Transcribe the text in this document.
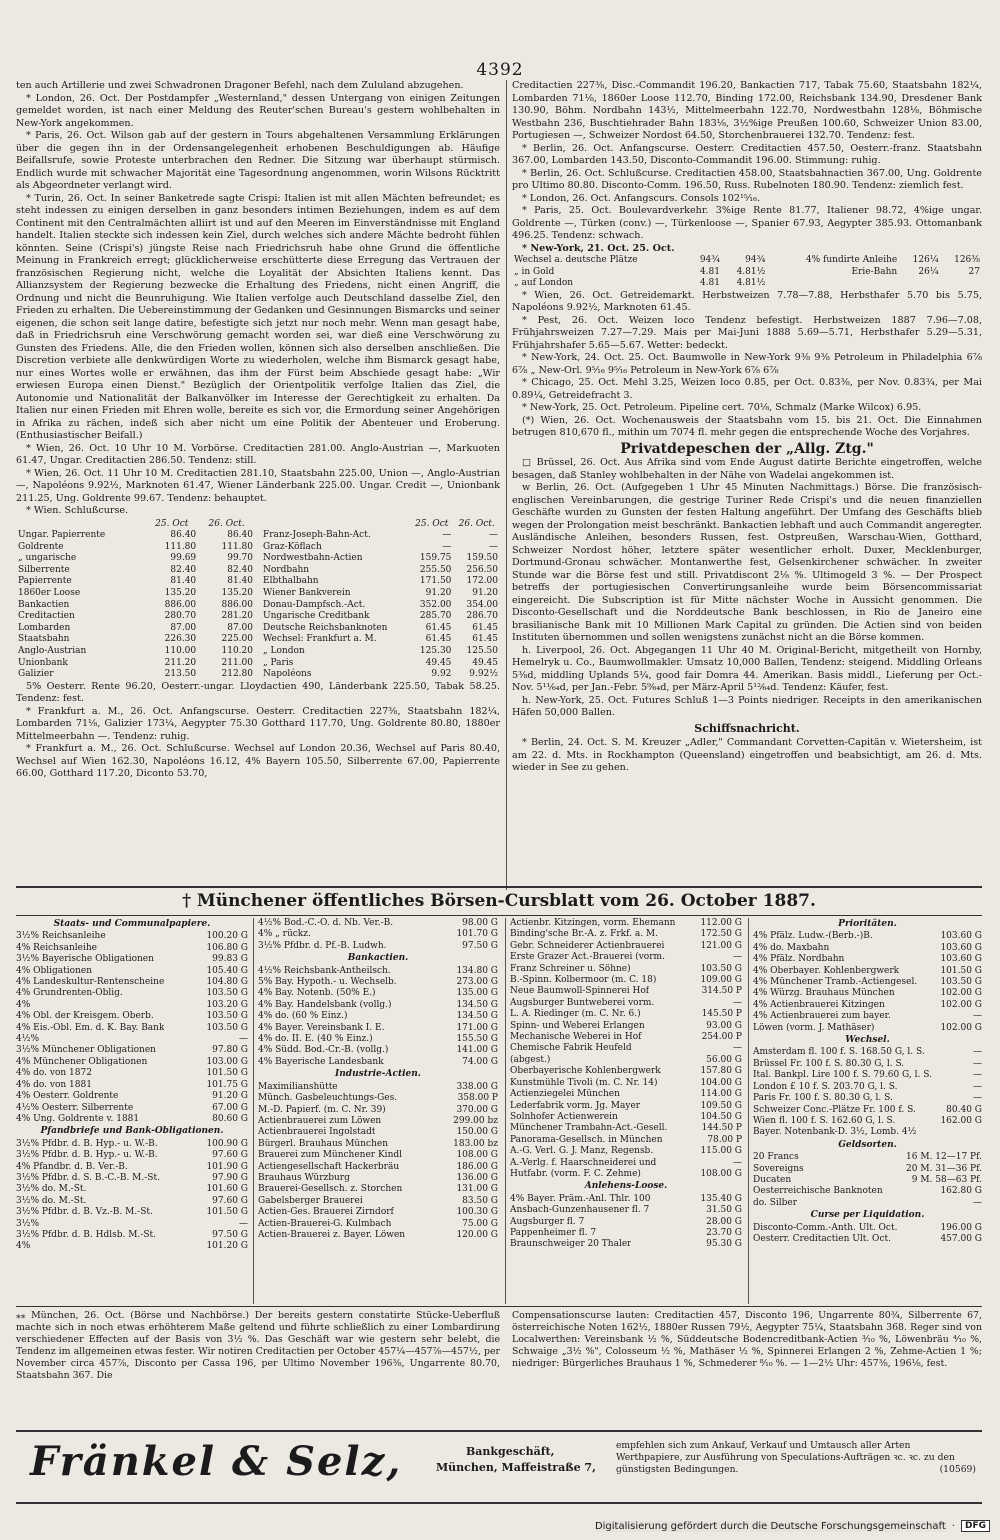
4392

ten auch Artillerie und zwei Schwadronen Dragoner Befehl, nach dem Zululand abzugehen.

* London, 26. Oct. Der Postdampfer „Westernland," dessen Untergang von einigen Zeitungen gemeldet worden, ist nach einer Meldung des Reuter'schen Bureau's gestern wohlbehalten in New-York angekommen.

* Paris, 26. Oct. Wilson gab auf der gestern in Tours abgehaltenen Versammlung Erklärungen über die gegen ihn in der Ordensangelegenheit erhobenen Beschuldigungen ab. Häufige Beifallsrufe, sowie Proteste unterbrachen den Redner. Die Sitzung war überhaupt stürmisch. Endlich wurde mit schwacher Majorität eine Tagesordnung angenommen, worin Wilsons Rücktritt als Abgeordneter verlangt wird.

* Turin, 26. Oct. In seiner Banketrede sagte Crispi: Italien ist mit allen Mächten befreundet; es steht indessen zu einigen derselben in ganz besonders intimen Beziehungen, indem es auf dem Continent mit den Centralmächten alliirt ist und auf den Meeren im Einverständnisse mit England handelt. Italien steckte sich indessen kein Ziel, durch welches sich andere Mächte bedroht fühlen könnten. Seine (Crispi's) jüngste Reise nach Friedrichsruh habe ohne Grund die öffentliche Meinung in Frankreich erregt; glücklicherweise erschütterte diese Erregung das Vertrauen der französischen Regierung nicht, welche die Loyalität der Absichten Italiens kennt. Das Allianzsystem der Regierung bezwecke die Erhaltung des Friedens, nicht einen Angriff, die Ordnung und nicht die Beunruhigung. Wie Italien verfolge auch Deutschland dasselbe Ziel, den Frieden zu erhalten. Die Uebereinstimmung der Gedanken und Gesinnungen Bismarcks und seiner eigenen, die schon seit lange datire, befestigte sich jetzt nur noch mehr. Wenn man gesagt habe, daß in Friedrichsruh eine Verschwörung gemacht worden sei, war dieß eine Verschwörung zu Gunsten des Friedens. Alle, die den Frieden wollen, können sich also derselben anschließen. Die Discretion verbiete alle denkwürdigen Worte zu wiederholen, welche ihm Bismarck gesagt habe, nur eines Wortes wolle er erwähnen, das ihm der Fürst beim Abschiede gesagt habe: „Wir erwiesen Europa einen Dienst." Bezüglich der Orientpolitik verfolge Italien das Ziel, die Autonomie und Nationalität der Balkanvölker im Interesse der Gerechtigkeit zu erhalten. Da Italien nur einen Frieden mit Ehren wolle, bereite es sich vor, die Ermordung seiner Angehörigen in Afrika zu rächen, indeß sich aber nicht um eine Politik der Abenteuer und Eroberung. (Enthusiastischer Beifall.)

* Wien, 26. Oct. 10 Uhr 10 M. Vorbörse. Creditactien 281.00. Anglo-Austrian —, Markuoten 61.47, Ungar. Creditactien 286.50. Tendenz: still.

* Wien, 26. Oct. 11 Uhr 10 M. Creditactien 281.10, Staatsbahn 225.00, Union —, Anglo-Austrian —, Napoléons 9.92½, Marknoten 61.47, Wiener Länderbank 225.00. Ungar. Credit —, Unionbank 211.25, Ung. Goldrente 99.67. Tendenz: behauptet.

* Wien. Schlußcurse.

	25. Oct	26. Oct.
Ungar. Papierrente	86.40	86.40
Goldrente	111.80	111.80
„ ungarische	99.69	99.70
Silberrente	82.40	82.40
Papierrente	81.40	81.40
1860er Loose	135.20	135.20
Bankactien	886.00	886.00
Creditactien	280.70	281.20
Lombarden	87.00	87.00
Staatsbahn	226.30	225.00
Anglo-Austrian	110.00	110.20
Unionbank	211.20	211.00
Galizier	213.50	212.80
	25. Oct	26. Oct.
Franz-Joseph-Bahn-Act.	—	—
Graz-Köflach	—	—
Nordwestbahn-Actien	159.75	159.50
Nordbahn	255.50	256.50
Elbthalbahn	171.50	172.00
Wiener Bankverein	91.20	91.20
Donau-Dampfsch.-Act.	352.00	354.00
Ungarische Creditbank	285.70	286.70
Deutsche Reichsbanknoten	61.45	61.45
Wechsel: Frankfurt a. M.	61.45	61.45
„ London	125.30	125.50
„ Paris	49.45	49.45
Napoléons	9.92	9.92½

5% Oesterr. Rente 96.20, Oesterr.-ungar. Lloydactien 490, Länderbank 225.50, Tabak 58.25. Tendenz: fest.

* Frankfurt a. M., 26. Oct. Anfangscurse. Oesterr. Creditactien 227⅜, Staatsbahn 182¼, Lombarden 71⅛, Galizier 173¼, Aegypter 75.30 Gotthard 117.70, Ung. Goldrente 80.80, 1880er Mittelmeerbahn —. Tendenz: ruhig.

* Frankfurt a. M., 26. Oct. Schlußcurse. Wechsel auf London 20.36, Wechsel auf Paris 80.40, Wechsel auf Wien 162.30, Napoléons 16.12, 4% Bayern 105.50, Silberrente 67.00, Papierrente 66.00, Gotthard 117.20, Diconto 53.70,

Creditactien 227⅜, Disc.-Commandit 196.20, Bankactien 717, Tabak 75.60, Staatsbahn 182¼, Lombarden 71⅛, 1860er Loose 112.70, Binding 172.00, Reichsbank 134.90, Dresdener Bank 130.90, Böhm. Nordbahn 143½, Mittelmeerbahn 122.70, Nordwestbahn 128⅛, Böhmische Westbahn 236, Buschtiehrader Bahn 183⅛, 3½%ige Preußen 100.60, Schweizer Union 83.00, Portugiesen —, Schweizer Nordost 64.50, Storchenbrauerei 132.70. Tendenz: fest.

* Berlin, 26. Oct. Anfangscurse. Oesterr. Creditactien 457.50, Oesterr.-franz. Staatsbahn 367.00, Lombarden 143.50, Disconto-Commandit 196.00. Stimmung: ruhig.

* Berlin, 26. Oct. Schlußcurse. Creditactien 458.00, Staatsbahnactien 367.00, Ung. Goldrente pro Ultimo 80.80. Disconto-Comm. 196.50, Russ. Rubelnoten 180.90. Tendenz: ziemlich fest.

* London, 26. Oct. Anfangscurs. Consols 102¹⁵⁄₁₆.

* Paris, 25. Oct. Boulevardverkehr. 3%ige Rente 81.77, Italiener 98.72, 4%ige ungar. Goldrente —, Türken (conv.) —, Türkenloose —, Spanier 67.93, Aegypter 385.93. Ottomanbank 496.25. Tendenz: schwach.

* New-York, 21. Oct. 25. Oct.
Wechsel a. deutsche Plätze	94¾	94¾	4% fundirte Anleihe	126¼	126⅜
„ in Gold	4.81	4.81½	Erie-Bahn	26¼	27
„ auf London	4.81	4.81½			

* Wien, 26. Oct. Getreidemarkt. Herbstweizen 7.78—7.88, Herbsthafer 5.70 bis 5.75, Napoléons 9.92½, Marknoten 61.45.

* Pest, 26. Oct. Weizen loco Tendenz befestigt. Herbstweizen 1887 7.96—7.08, Frühjahrsweizen 7.27—7.29. Mais per Mai-Juni 1888 5.69—5.71, Herbsthafer 5.29—5.31, Frühjahrshafer 5.65—5.67. Wetter: bedeckt.

* New-York, 24. Oct. 25. Oct. Baumwolle in New-York 9⅜ 9⅜ Petroleum in Philadelphia 6⅞ 6⅞ „ New-Orl. 9⁵⁄₁₆ 9⁵⁄₁₆ Petroleum in New-York 6⅞ 6⅞

* Chicago, 25. Oct. Mehl 3.25, Weizen loco 0.85, per Oct. 0.83⅜, per Nov. 0.83¾, per Mai 0.89¼, Getreidefracht 3.

* New-York, 25. Oct. Petroleum. Pipeline cert. 70⅛, Schmalz (Marke Wilcox) 6.95.

(*) Wien, 26. Oct. Wochenausweis der Staatsbahn vom 15. bis 21. Oct. Die Einnahmen betrugen 810,670 fl., mithin um 7074 fl. mehr gegen die entsprechende Woche des Vorjahres.

Privatdepeschen der „Allg. Ztg."

□ Brüssel, 26. Oct. Aus Afrika sind vom Ende August datirte Berichte eingetroffen, welche besagen, daß Stanley wohlbehalten in der Nähe von Wadelai angekommen ist.

w Berlin, 26. Oct. (Aufgegeben 1 Uhr 45 Minuten Nachmittags.) Börse. Die französisch-englischen Vereinbarungen, die gestrige Turiner Rede Crispi's und die neuen finanziellen Geschäfte wurden zu Gunsten der festen Haltung angeführt. Der Umfang des Geschäfts blieb wegen der Prolongation meist beschränkt. Bankactien lebhaft und auch Commandit angeregter. Ausländische Anleihen, besonders Russen, fest. Ostpreußen, Warschau-Wien, Gotthard, Schweizer Nordost höher, letztere später wesentlicher erholt. Duxer, Mecklenburger, Dortmund-Gronau schwächer. Montanwerthe fest, Gelsenkirchener schwächer. In zweiter Stunde war die Börse fest und still. Privatdiscont 2⅛ %. Ultimogeld 3 %. — Der Prospect betreffs der portugiesischen Convertirungsanleihe wurde beim Börsencommissariat eingereicht. Die Subscription ist für Mitte nächster Woche in Aussicht genommen. Die Disconto-Gesellschaft und die Norddeutsche Bank beschlossen, in Rio de Janeiro eine brasilianische Bank mit 10 Millionen Mark Capital zu gründen. Die Actien sind von beiden Instituten übernommen und sollen wenigstens zunächst nicht an die Börse kommen.

h. Liverpool, 26. Oct. Abgegangen 11 Uhr 40 M. Original-Bericht, mitgetheilt von Hornby, Hemelryk u. Co., Baumwollmakler. Umsatz 10,000 Ballen, Tendenz: steigend. Middling Orleans 5⅜d, middling Uplands 5¼, good fair Domra 44. Amerikan. Basis middl., Lieferung per Oct.-Nov. 5¹¹⁄₆₄d, per Jan.-Febr. 5⁹⁄₆₄d, per März-April 5¹²⁄₆₄d. Tendenz: Käufer, fest.

h. New-York, 25. Oct. Futures Schluß 1—3 Points niedriger. Receipts in den amerikanischen Häfen 50,000 Ballen.

Schiffsnachricht.

* Berlin, 24. Oct. S. M. Kreuzer „Adler," Commandant Corvetten-Capitän v. Wietersheim, ist am 22. d. Mts. in Rockhampton (Queensland) eingetroffen und beabsichtigt, am 26. d. Mts. wieder in See zu gehen.

† Münchener öffentliches Börsen-Cursblatt vom 26. October 1887.
Staats- und Communalpapiere.
3½% Reichsanleihe	100.20 G
4% Reichsanleihe	106.80 G
3½% Bayerische Obligationen	99.83 G
4% Obligationen	105.40 G
4% Landeskultur-Rentenscheine	104.80 G
4% Grundrenten-Oblig.	103.50 G
4%	103.20 G
4% Obl. der Kreisgem. Oberb.	103.50 G
4% Eis.-Obl. Em. d. K. Bay. Bank	103.50 G
4½%	—
3½% Münchener Obligationen	97.80 G
4% Münchener Obligationen	103.00 G
4% do. von 1872	101.50 G
4% do. von 1881	101.75 G
4% Oesterr. Goldrente	91.20 G
4½% Oesterr. Silberrente	67.00 G
4% Ung. Goldrente v. 1881	80.60 G
Pfandbriefe und Bank-Obligationen.
3½% Pfdbr. d. B. Hyp.- u. W.-B.	100.90 G
3½% Pfdbr. d. B. Hyp.- u. W.-B.	97.60 G
4% Pfandbr. d. B. Ver.-B.	101.90 G
3½% Pfdbr. d. S. B.-C.-B. M.-St.	97.90 G
3½% do. M.-St.	101.60 G
3½% do. M.-St.	97.60 G
3½% Pfdbr. d. B. Vz.-B. M.-St.	101.50 G
3½%	—
3½% Pfdbr. d. B. Hdlsb. M.-St.	97.50 G
4%	101.20 G
4½% Bod.-C.-O. d. Nb. Ver.-B.	98.00 G
4% „ rückz.	101.70 G
3½% Pfdbr. d. Pf.-B. Ludwh.	97.50 G
Bankactien.
4½% Reichsbank-Antheilsch.	134.80 G
5% Bay. Hypoth.- u. Wechselb.	273.00 G
4% Bay. Notenb. (50% E.)	135.00 G
4% Bay. Handelsbank (vollg.)	134.50 G
4% do. (60 % Einz.)	134.50 G
4% Bayer. Vereinsbank I. E.	171.00 G
4% do. II. E. (40 % Einz.)	155.50 G
4% Südd. Bod.-Cr.-B. (vollg.)	141.00 G
4% Bayerische Landesbank	74.00 G
Industrie-Actien.
Maximilianshütte	338.00 G
Münch. Gasbeleuchtungs-Ges.	358.00 P
M.-D. Papierf. (m. C. Nr. 39)	370.00 G
Actienbrauerei zum Löwen	299.00 bz
Actienbrauerei Ingolstadt	150.00 G
Bürgerl. Brauhaus München	183.00 bz
Brauerei zum Münchener Kindl	108.00 G
Actiengesellschaft Hackerbräu	186.00 G
Brauhaus Würzburg	136.00 G
Brauerei-Gesellsch. z. Storchen	131.00 G
Gabelsberger Brauerei	83.50 G
Actien-Ges. Brauerei Zirndorf	100.30 G
Actien-Brauerei-G. Kulmbach	75.00 G
Actien-Brauerei z. Bayer. Löwen	120.00 G
Actienbr. Kitzingen, vorm. Ehemann	112.00 G
Binding'sche Br.-A. z. Frkf. a. M.	172.50 G
Gebr. Schneiderer Actienbrauerei	121.00 G
Erste Grazer Act.-Brauerei (vorm.	—
Franz Schreiner u. Söhne)	103.50 G
B.-Spinn. Kolbermoor (m. C. 18)	109.00 G
Neue Baumwoll-Spinnerei Hof	314.50 P
Augsburger Buntweberei vorm.	—
L. A. Riedinger (m. C. Nr. 6.)	145.50 P
Spinn- und Weberei Erlangen	93.00 G
Mechanische Weberei in Hof	254.00 P
Chemische Fabrik Heufeld	—
(abgest.)	56.00 G
Oberbayerische Kohlenbergwerk	157.80 G
Kunstmühle Tivoli (m. C. Nr. 14)	104.00 G
Actienziegelei München	114.00 G
Lederfabrik vorm. Jg. Mayer	109.50 G
Solnhofer Actienwerein	104.50 G
Münchener Trambahn-Act.-Gesell.	144.50 P
Panorama-Gesellsch. in München	78.00 P
A.-G. Verl. G. J. Manz, Regensb.	115.00 G
A.-Verlg. f. Haarschneiderei und	—
Hutfabr. (vorm. F. C. Zehme)	108.00 G
Anlehens-Loose.
4% Bayer. Präm.-Anl. Thlr. 100	135.40 G
Ansbach-Gunzenhausener fl. 7	31.50 G
Augsburger fl. 7	28.00 G
Pappenheimer fl. 7	23.70 G
Braunschweiger 20 Thaler	95.30 G
Prioritäten.
4% Pfälz. Ludw.-(Berb.-)B.	103.60 G
4% do. Maxbahn	103.60 G
4% Pfälz. Nordbahn	103.60 G
4% Oberbayer. Kohlenbergwerk	101.50 G
4% Münchener Tramb.-Actiengesel.	103.50 G
4% Würzg. Brauhaus München	102.00 G
4% Actienbrauerei Kitzingen	102.00 G
4% Actienbrauerei zum bayer.	—
Löwen (vorm. J. Mathäser)	102.00 G
Wechsel.
Amsterdam fl. 100 f. S. 168.50 G, l. S.	—
Brüssel Fr. 100 f. S. 80.30 G, l. S.	—
Ital. Bankpl. Lire 100 f. S. 79.60 G, l. S.	—
London £ 10 f. S. 203.70 G, l. S.	—
Paris Fr. 100 f. S. 80.30 G, l. S.	—
Schweizer Conc.-Plätze Fr. 100 f. S.	80.40 G
Wien fl. 100 f. S. 162.60 G, l. S.	162.00 G
Bayer. Notenbank-D. 3½, Lomb. 4½
Geldsorten.
20 Francs	16 M. 12—17 Pf.
Sovereigns	20 M. 31—36 Pf.
Ducaten	9 M. 58—63 Pf.
Oesterreichische Banknoten	162.80 G
do. Silber	—
Curse per Liquidation.
Disconto-Comm.-Anth. Ult. Oct.	196.00 G
Oesterr. Creditactien Ult. Oct.	457.00 G
⁎⁎ München, 26. Oct. (Börse und Nachbörse.) Der bereits gestern constatirte Stücke-Ueberfluß machte sich in noch etwas erhöhterem Maße geltend und führte schließlich zu einer Lombardirung verschiedener Effecten auf der Basis von 3½ %. Das Geschäft war wie gestern sehr belebt, die Tendenz im allgemeinen etwas fester. Wir notiren Creditactien per October 457¼—457⅞—457½, per November circa 457⅞, Disconto per Cassa 196, per Ultimo November 196⅜, Ungarrente 80.70, Staatsbahn 367. Die
Compensationscurse lauten: Creditactien 457, Disconto 196, Ungarrente 80¾, Silberrente 67, österreichische Noten 162½, 1880er Russen 79½, Aegypter 75¼, Staatsbahn 368. Reger sind von Localwerthen: Vereinsbank ½ %, Süddeutsche Bodencreditbank-Actien ³⁄₁₀ %, Löwenbräu ⁴⁄₁₀ %, Schwaige „3½ %", Colosseum ½ %, Mathäser ½ %, Spinnerei Erlangen 2 %, Zehme-Actien 1 %; niedriger: Bürgerliches Brauhaus 1 %, Schmederer ⁸⁄₁₀ %. — 1—2½ Uhr: 457⅜, 196⅛, fest.
Fränkel & Selz,	Bankgeschäft,
München, Maffeistraße 7,
empfehlen sich zum Ankauf, Verkauf und Umtausch aller Arten Werthpapiere, zur Ausführung von Speculations-Aufträgen ꝛc. ꝛc. zu den günstigsten Bedingungen.	(10569)
Digitalisierung gefördert durch die Deutsche Forschungsgemeinschaft ·	DFG
